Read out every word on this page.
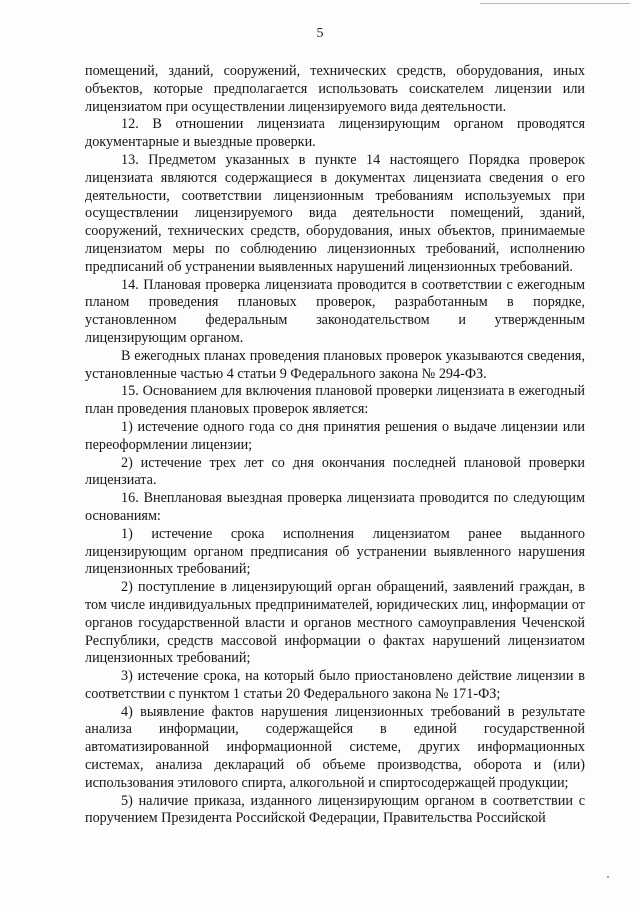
5

помещений, зданий, сооружений, технических средств, оборудования, иных объектов, которые предполагается использовать соискателем лицензии или лицензиатом при осуществлении лицензируемого вида деятельности.

12. В отношении лицензиата лицензирующим органом проводятся документарные и выездные проверки.

13. Предметом указанных в пункте 14 настоящего Порядка проверок лицензиата являются содержащиеся в документах лицензиата сведения о его деятельности, соответствии лицензионным требованиям используемых при осуществлении лицензируемого вида деятельности помещений, зданий, сооружений, технических средств, оборудования, иных объектов, принимаемые лицензиатом меры по соблюдению лицензионных требований, исполнению предписаний об устранении выявленных нарушений лицензионных требований.

14. Плановая проверка лицензиата проводится в соответствии с ежегодным планом проведения плановых проверок, разработанным в порядке, установленном федеральным законодательством и утвержденным лицензирующим органом.

В ежегодных планах проведения плановых проверок указываются сведения, установленные частью 4 статьи 9 Федерального закона № 294-ФЗ.

15. Основанием для включения плановой проверки лицензиата в ежегодный план проведения плановых проверок является:

1) истечение одного года со дня принятия решения о выдаче лицензии или переоформлении лицензии;

2) истечение трех лет со дня окончания последней плановой проверки лицензиата.

16. Внеплановая выездная проверка лицензиата проводится по следующим основаниям:

1) истечение срока исполнения лицензиатом ранее выданного лицензирующим органом предписания об устранении выявленного нарушения лицензионных требований;

2) поступление в лицензирующий орган обращений, заявлений граждан, в том числе индивидуальных предпринимателей, юридических лиц, информации от органов государственной власти и органов местного самоуправления Чеченской Республики, средств массовой информации о фактах нарушений лицензиатом лицензионных требований;

3) истечение срока, на который было приостановлено действие лицензии в соответствии с пунктом 1 статьи 20 Федерального закона № 171-ФЗ;

4) выявление фактов нарушения лицензионных требований в результате анализа информации, содержащейся в единой государственной автоматизированной информационной системе, других информационных системах, анализа деклараций об объеме производства, оборота и (или) использования этилового спирта, алкогольной и спиртосодержащей продукции;

5) наличие приказа, изданного лицензирующим органом в соответствии с поручением Президента Российской Федерации, Правительства Российской
